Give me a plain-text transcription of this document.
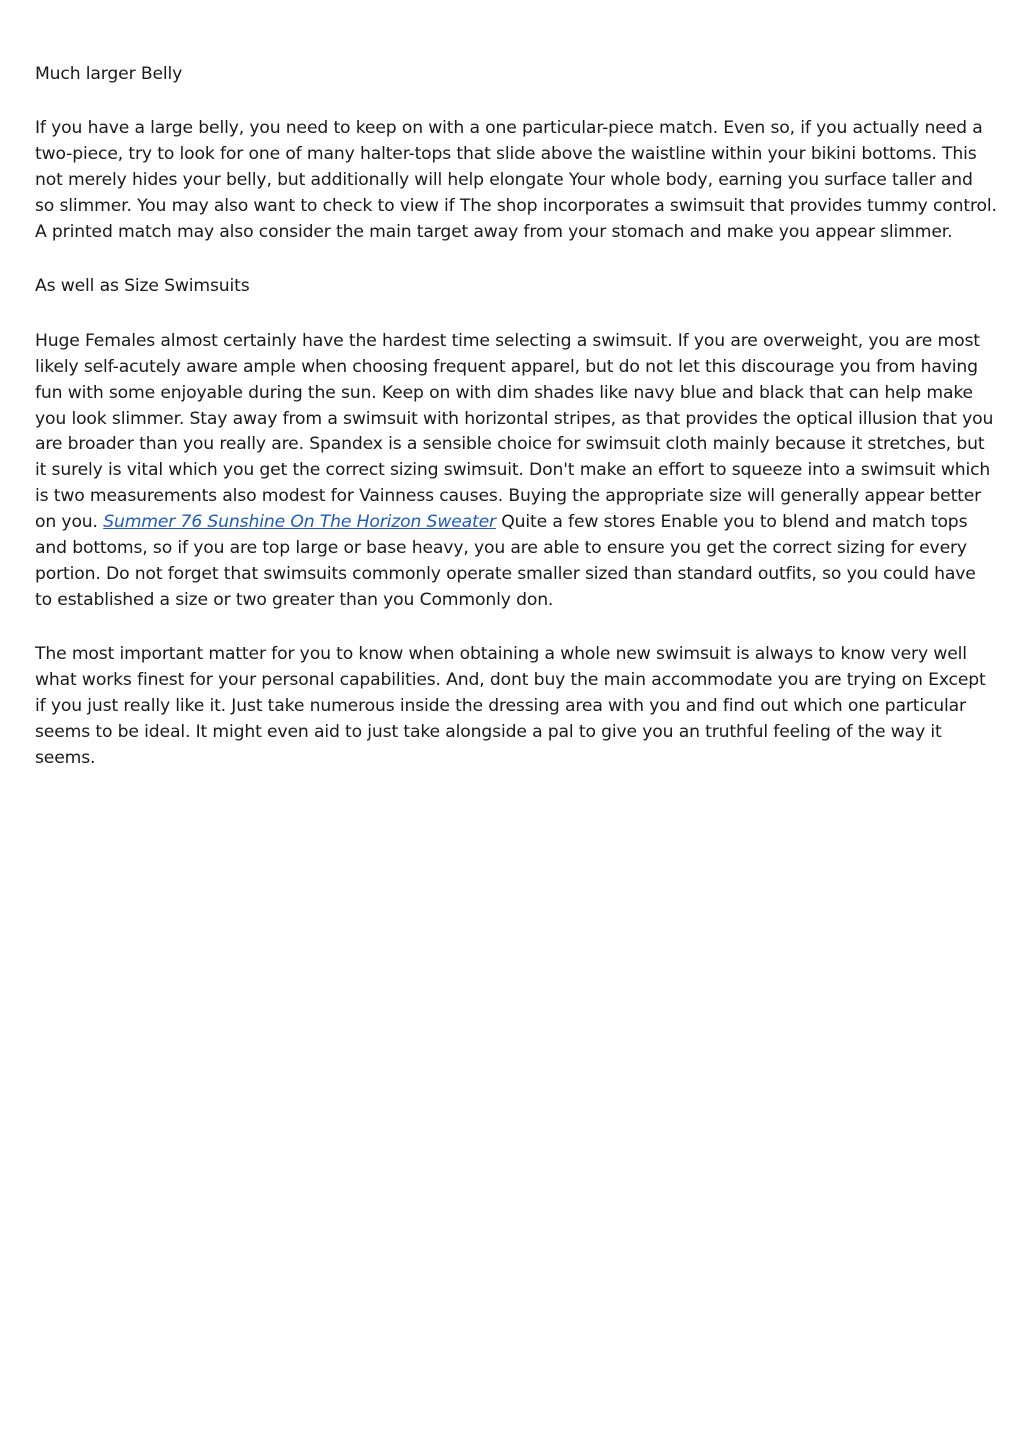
Much larger Belly

If you have a large belly, you need to keep on with a one particular-piece match. Even so, if you actually need a two-piece, try to look for one of many halter-tops that slide above the waistline within your bikini bottoms. This not merely hides your belly, but additionally will help elongate Your whole body, earning you surface taller and so slimmer. You may also want to check to view if The shop incorporates a swimsuit that provides tummy control. A printed match may also consider the main target away from your stomach and make you appear slimmer.

As well as Size Swimsuits

Huge Females almost certainly have the hardest time selecting a swimsuit. If you are overweight, you are most likely self-acutely aware ample when choosing frequent apparel, but do not let this discourage you from having fun with some enjoyable during the sun. Keep on with dim shades like navy blue and black that can help make you look slimmer. Stay away from a swimsuit with horizontal stripes, as that provides the optical illusion that you are broader than you really are. Spandex is a sensible choice for swimsuit cloth mainly because it stretches, but it surely is vital which you get the correct sizing swimsuit. Don't make an effort to squeeze into a swimsuit which is two measurements also modest for Vainness causes. Buying the appropriate size will generally appear better on you. Summer 76 Sunshine On The Horizon Sweater Quite a few stores Enable you to blend and match tops and bottoms, so if you are top large or base heavy, you are able to ensure you get the correct sizing for every portion. Do not forget that swimsuits commonly operate smaller sized than standard outfits, so you could have to established a size or two greater than you Commonly don.

The most important matter for you to know when obtaining a whole new swimsuit is always to know very well what works finest for your personal capabilities. And, dont buy the main accommodate you are trying on Except if you just really like it. Just take numerous inside the dressing area with you and find out which one particular seems to be ideal. It might even aid to just take alongside a pal to give you an truthful feeling of the way it seems.
